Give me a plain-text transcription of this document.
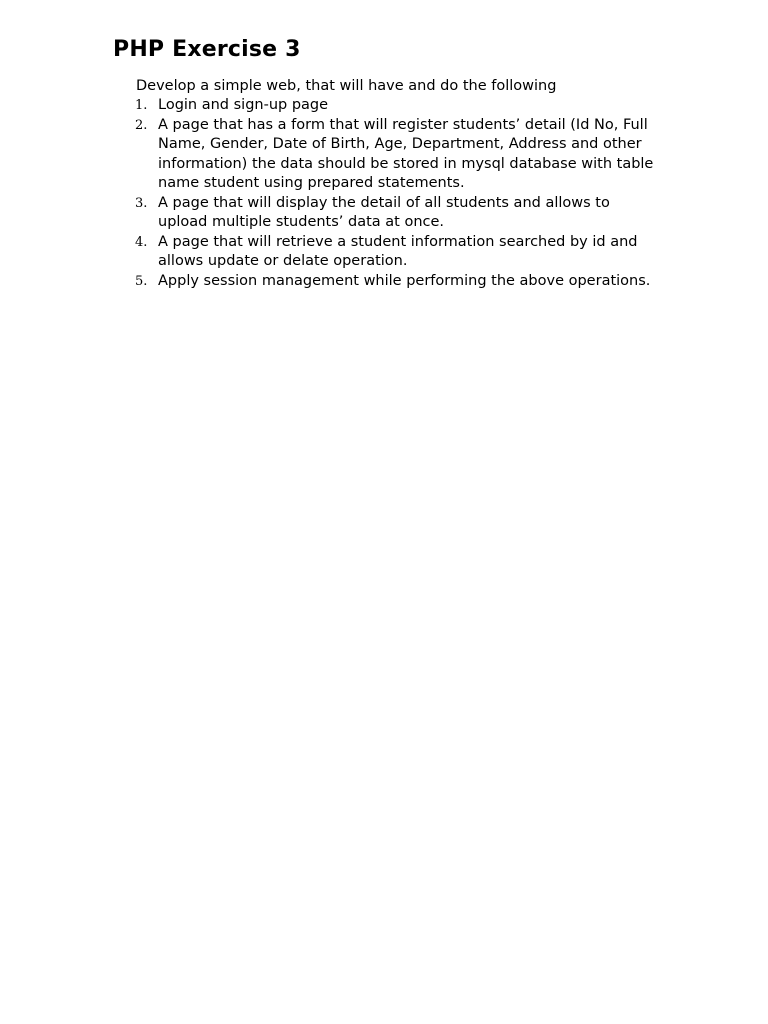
PHP Exercise 3

Develop a simple web, that will have and do the following

1. Login and sign-up page
2. A page that has a form that will register students’ detail (Id No, Full
Name, Gender, Date of Birth, Age, Department, Address and other
information) the data should be stored in mysql database with table
name student using prepared statements.
3. A page that will display the detail of all students and allows to
upload multiple students’ data at once.
4. A page that will retrieve a student information searched by id and
allows update or delate operation.
5. Apply session management while performing the above operations.
